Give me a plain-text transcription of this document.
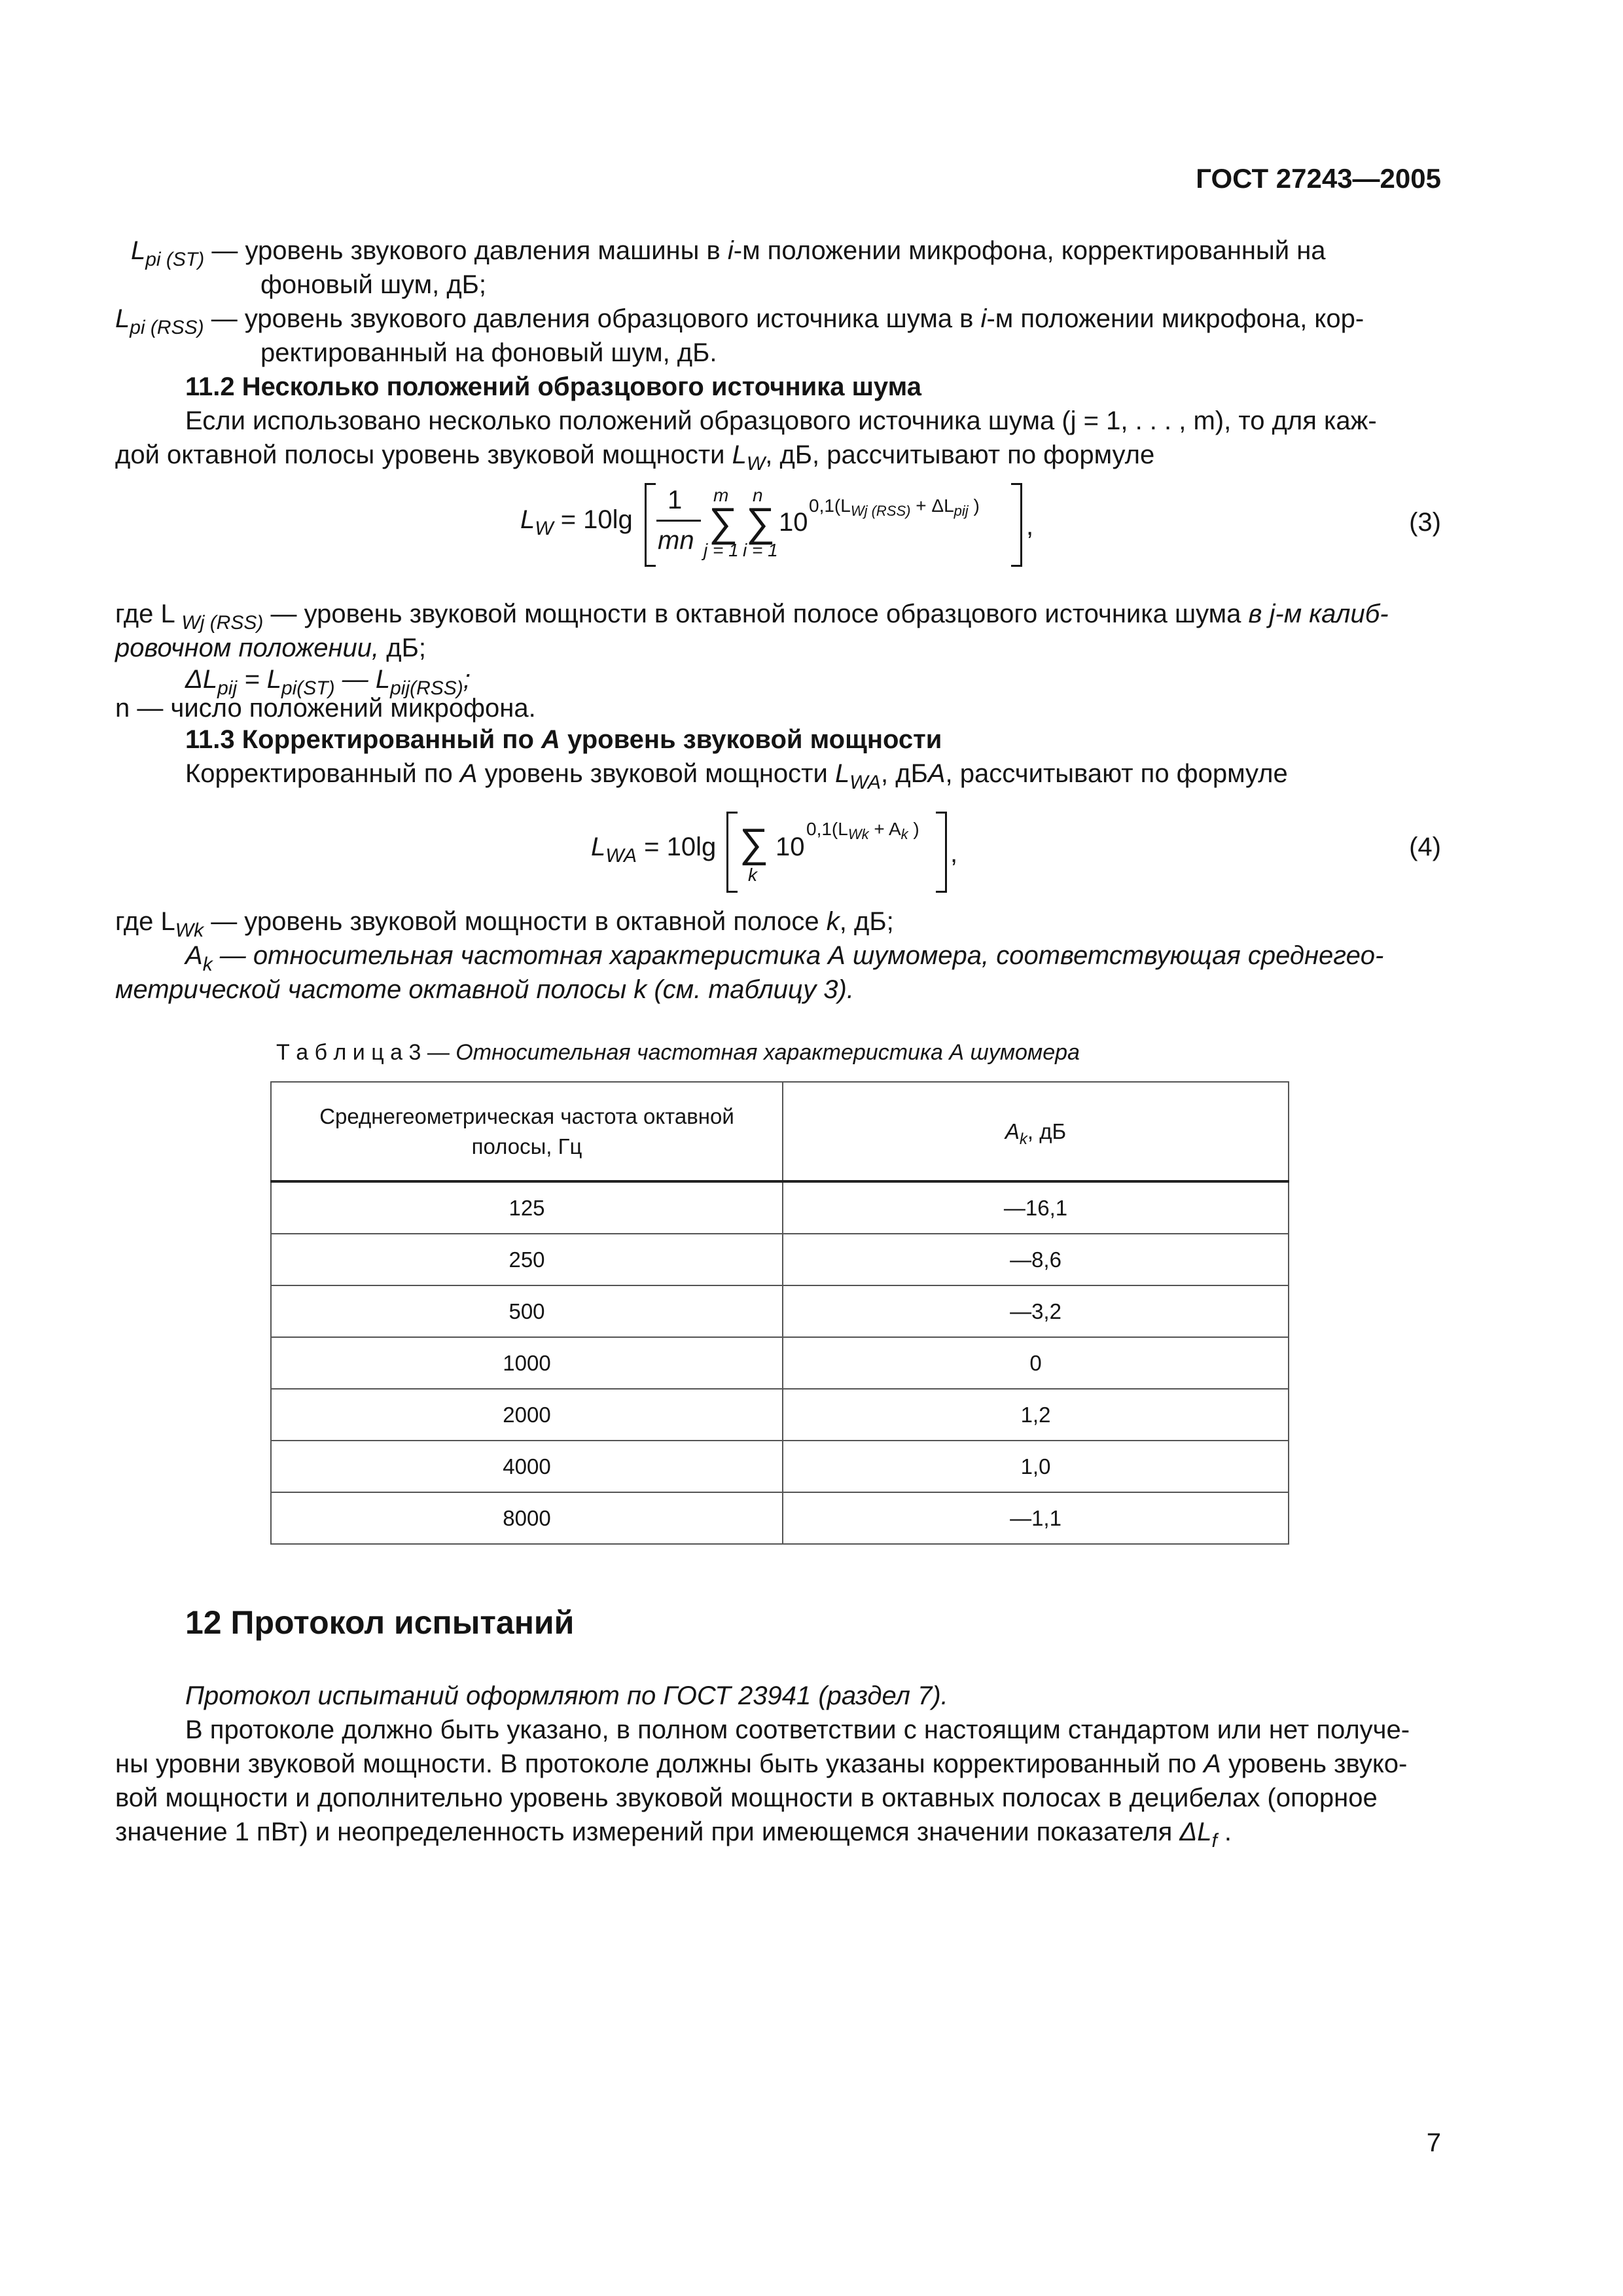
ГОСТ 27243—2005
$L_{pi (ST)}$ — уровень звукового давления машины в i-м положении микрофона, корректированный на
фоновый шум, дБ;
$L_{pi (RSS)}$ — уровень звукового давления образцового источника шума в i-м положении микрофона, кор-
ректированный на фоновый шум, дБ.
11.2 Несколько положений образцового источника шума
Если использовано несколько положений образцового источника шума (j = 1, . . . , m), то для каж-
дой октавной полосы уровень звуковой мощности $L_W$, дБ, рассчитывают по формуле
$L_W = 10\lg$
1
mn
m
∑
j = 1
n
∑
i = 1
10
$0,1(L_{Wj (RSS)} + \Delta L_{pij}$ )
,	(3)
где L $_{Wj (RSS)}$ — уровень звуковой мощности в октавной полосе образцового источника шума в j-м калиб-
ровочном положении, дБ;
$\Delta L_{pij} = L_{pi(ST)}$ — $L_{pij(RSS)}$;
n — число положений микрофона.
11.3 Корректированный по A уровень звуковой мощности
Корректированный по A уровень звуковой мощности $L_{WA}$, дБA, рассчитывают по формуле
$L_{WA} = 10\lg$ ∑
k
10
$0,1(L_{Wk} + A_k$ )
,	(4)
где $L_{Wk}$ — уровень звуковой мощности в октавной полосе k, дБ;
$A_k$ — относительная частотная характеристика А шумомера, соответствующая среднегео-
метрической частоте октавной полосы k (см. таблицу 3).
Т а б л и ц а 3 — Относительная частотная характеристика А шумомера
Среднегеометрическая частота октавной
полосы, Гц	$A_k$, дБ
125	—16,1
250	—8,6
500	—3,2
1000	0
2000	1,2
4000	1,0
8000	—1,1
12 Протокол испытаний
Протокол испытаний оформляют по ГОСТ 23941 (раздел 7).
В протоколе должно быть указано, в полном соответствии с настоящим стандартом или нет получе-
ны уровни звуковой мощности. В протоколе должны быть указаны корректированный по A уровень звуко-
вой мощности и дополнительно уровень звуковой мощности в октавных полосах в децибелах (опорное
значение 1 пВт) и неопределенность измерений при имеющемся значении показателя $\Delta L_f$ .
7
